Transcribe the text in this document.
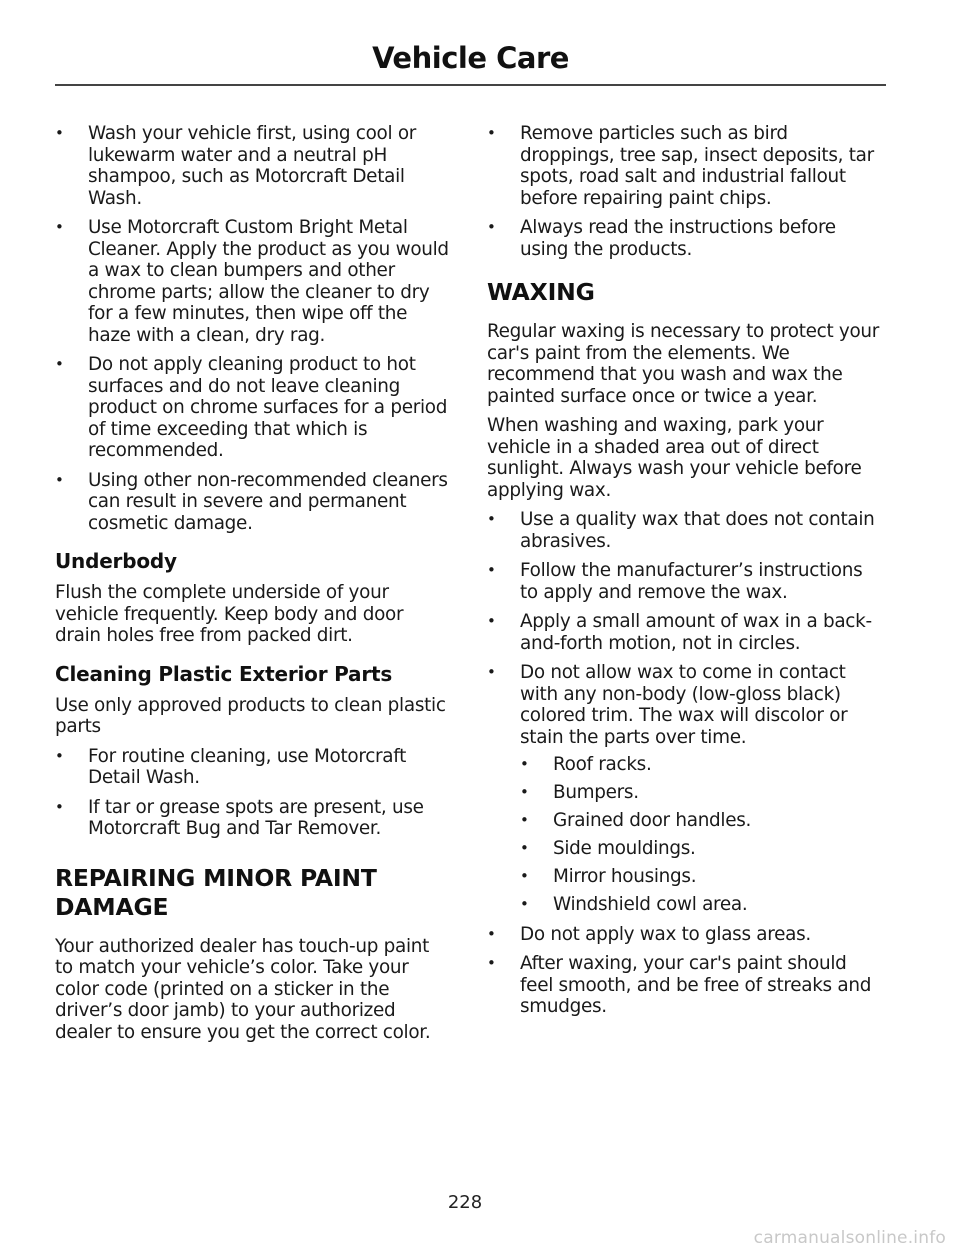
Vehicle Care
• Wash your vehicle first, using cool or lukewarm water and a neutral pH shampoo, such as Motorcraft Detail Wash.
• Use Motorcraft Custom Bright Metal Cleaner. Apply the product as you would a wax to clean bumpers and other chrome parts; allow the cleaner to dry for a few minutes, then wipe off the haze with a clean, dry rag.
• Do not apply cleaning product to hot surfaces and do not leave cleaning product on chrome surfaces for a period of time exceeding that which is recommended.
• Using other non-recommended cleaners can result in severe and permanent cosmetic damage.
Underbody

Flush the complete underside of your vehicle frequently. Keep body and door drain holes free from packed dirt.

Cleaning Plastic Exterior Parts

Use only approved products to clean plastic parts

• For routine cleaning, use Motorcraft Detail Wash.
• If tar or grease spots are present, use Motorcraft Bug and Tar Remover.
REPAIRING MINOR PAINT
DAMAGE

Your authorized dealer has touch-up paint to match your vehicle’s color. Take your color code (printed on a sticker in the driver’s door jamb) to your authorized dealer to ensure you get the correct color.

• Remove particles such as bird droppings, tree sap, insect deposits, tar spots, road salt and industrial fallout before repairing paint chips.
• Always read the instructions before using the products.
WAXING

Regular waxing is necessary to protect your car's paint from the elements. We recommend that you wash and wax the painted surface once or twice a year.

When washing and waxing, park your vehicle in a shaded area out of direct sunlight. Always wash your vehicle before applying wax.

• Use a quality wax that does not contain abrasives.
• Follow the manufacturer’s instructions to apply and remove the wax.
• Apply a small amount of wax in a back-and-forth motion, not in circles.
• Do not allow wax to come in contact with any non-body (low-gloss black) colored trim. The wax will discolor or stain the parts over time.
• Roof racks.
• Bumpers.
• Grained door handles.
• Side mouldings.
• Mirror housings.
• Windshield cowl area.
• Do not apply wax to glass areas.
• After waxing, your car's paint should feel smooth, and be free of streaks and smudges.
228
carmanualsonline.info
